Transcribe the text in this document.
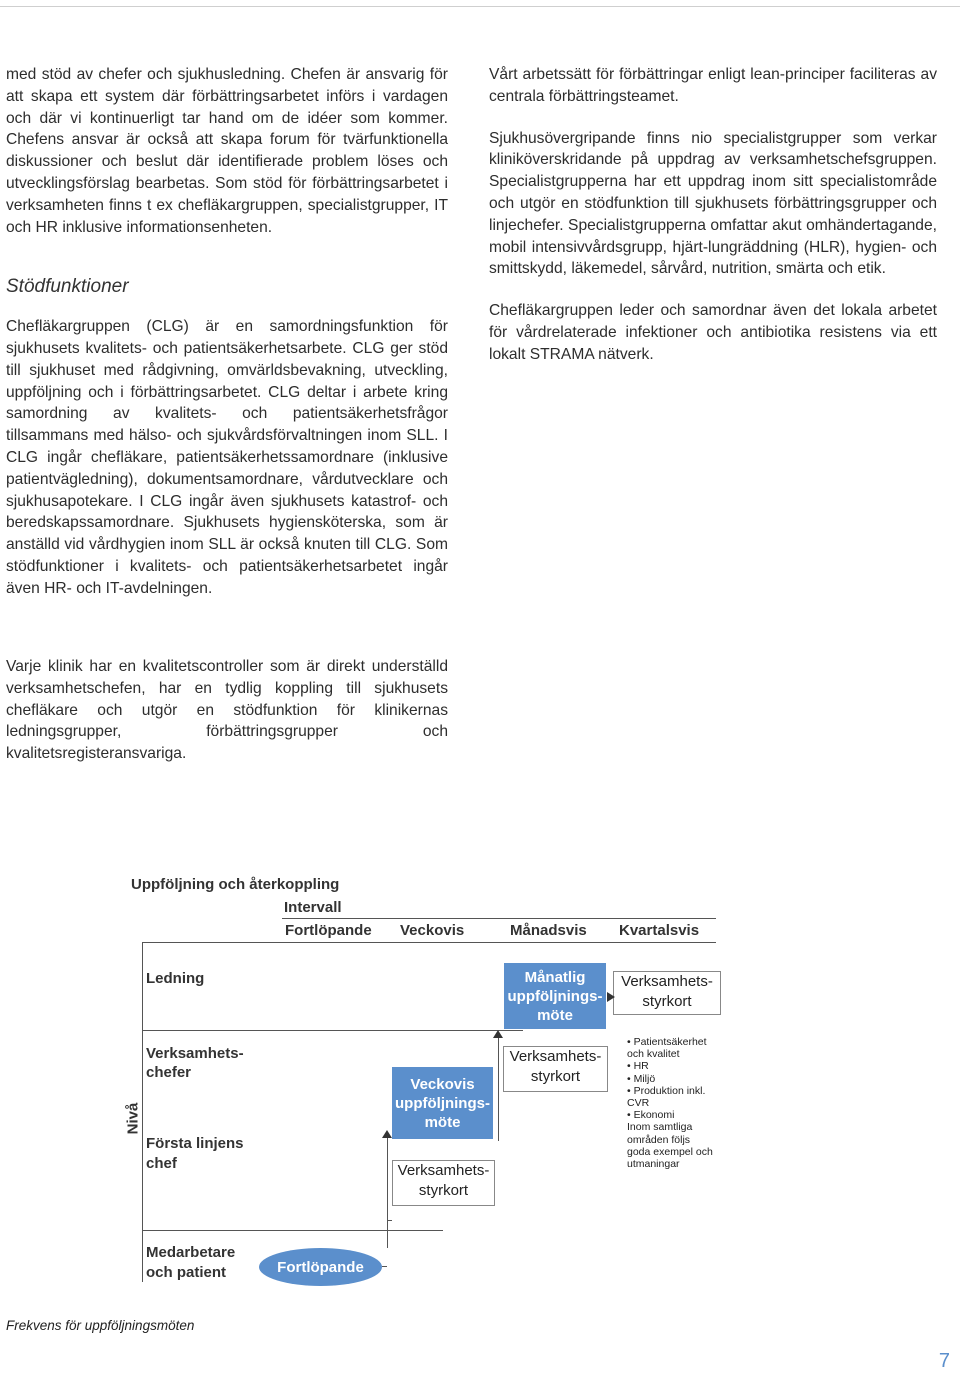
med stöd av chefer och sjukhusledning. Chefen är ansvarig för att skapa ett system där förbättringsarbetet införs i vardagen och där vi kontinuerligt tar hand om de idéer som kommer. Chefens ansvar är också att skapa forum för tvärfunktionella diskussioner och beslut där identifierade problem löses och utvecklingsförslag bearbetas. Som stöd för förbättringsarbetet i verksamheten finns t ex chefläkargruppen, specialistgrupper, IT och HR inklusive informationsenheten.

Stödfunktioner

Chefläkargruppen (CLG) är en samordningsfunktion för sjukhusets kvalitets- och patientsäkerhetsarbete. CLG ger stöd till sjukhuset med rådgivning, omvärldsbevakning, utveckling, uppföljning och i förbättringsarbetet. CLG deltar i arbete kring samordning av kvalitets- och patientsäkerhetsfrågor tillsammans med hälso- och sjukvårdsförvaltningen inom SLL. I CLG ingår chefläkare, patientsäkerhetssamordnare (inklusive patientvägledning), dokumentsamordnare, vårdutvecklare och sjukhusapotekare. I CLG ingår även sjukhusets katastrof- och beredskapssamordnare. Sjukhusets hygiensköterska, som är anställd vid vårdhygien inom SLL är också knuten till CLG. Som stödfunktioner i kvalitets- och patientsäkerhetsarbetet ingår även HR- och IT-avdelningen.

Varje klinik har en kvalitetscontroller som är direkt underställd verksamhetschefen, har en tydlig koppling till sjukhusets chefläkare och utgör en stödfunktion för klinikernas ledningsgrupper, förbättringsgrupper och kvalitetsregisteransvariga.

Vårt arbetssätt för förbättringar enligt lean-principer faciliteras av centrala förbättringsteamet.

Sjukhusövergripande finns nio specialistgrupper som verkar kliniköverskridande på uppdrag av verksamhetschefsgruppen. Specialistgrupperna har ett uppdrag inom sitt specialistområde och utgör en stödfunktion till sjukhusets förbättringsgrupper och linjechefer. Specialistgrupperna omfattar akut omhändertagande, mobil intensivvårdsgrupp, hjärt-lungräddning (HLR), hygien- och smittskydd, läkemedel, sårvård, nutrition, smärta och etik.

Chefläkargruppen leder och samordnar även det lokala arbetet för vårdrelaterade infektioner och antibiotika resistens via ett lokalt STRAMA nätverk.

Uppföljning och återkoppling
Intervall
Fortlöpande Veckovis	Månadsvis Kvartalsvis
Nivå
Ledning
Verksamhets-
chefer
Första linjens
chef
Medarbetare
och patient
Månatlig
uppföljnings-
möte
Verksamhets-
styrkort
Veckovis
uppföljnings-
möte
Verksamhets-
styrkort
Verksamhets-
styrkort
• Patientsäkerhet
och kvalitet
• HR
• Miljö
• Produktion inkl.
CVR
• Ekonomi
Inom samtliga
områden följs
goda exempel och
utmaningar
Fortlöpande
Frekvens för uppföljningsmöten
7
